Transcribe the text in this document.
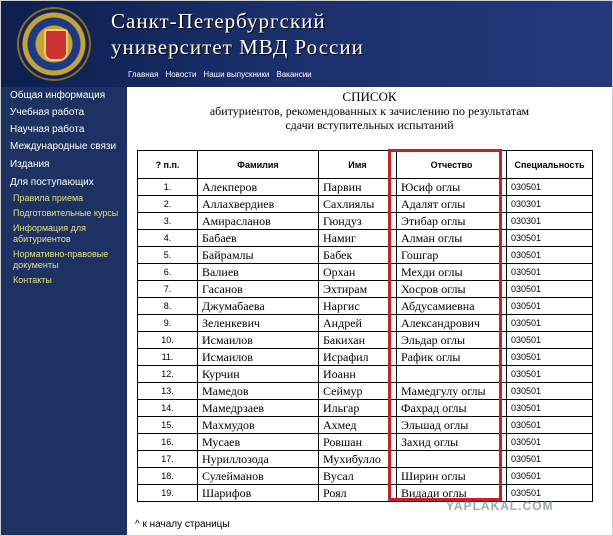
Санкт-Петербургский
университет МВД России
Главная Новости Наши выпускники Вакансии
Общая информация
Учебная работа
Научная работа
Международные связи
Издания
Для поступающих
Правила приема
Подготовительные курсы
Информация для абитуриентов
Нормативно-правовые документы
Контакты
СПИСОК
абитуриентов, рекомендованных к зачислению по результатам
сдачи вступительных испытаний
? п.п.	Фамилия	Имя	Отчество	Специальность
1.	Алекперов	Парвин	Юсиф оглы	030501
2.	Аллахвердиев	Сахлиялы	Адалят оглы	030301
3.	Амирасланов	Гюндуз	Этибар оглы	030301
4.	Бабаев	Намиг	Алман оглы	030501
5.	Байрамлы	Бабек	Гошгар	030501
6.	Валиев	Орхан	Мехди оглы	030501
7.	Гасанов	Эхтирам	Хосров оглы	030501
8.	Джумабаева	Наргис	Абдусамиевна	030501
9.	Зеленкевич	Андрей	Александрович	030501
10.	Исмаилов	Бакихан	Эльдар оглы	030501
11.	Исмаилов	Исрафил	Рафик оглы	030501
12.	Курчин	Иоанн		030501
13.	Мамедов	Сеймур	Мамедгулу оглы	030501
14.	Мамедрзаев	Ильгар	Фахрад оглы	030501
15.	Махмудов	Ахмед	Эльшад оглы	030501
16.	Мусаев	Ровшан	Захид оглы	030501
17.	Нуриллозода	Мухибулло		030501
18.	Сулейманов	Вусал	Ширин оглы	030501
19.	Шарифов	Роял	Видади оглы	030501
^ к началу страницы
YAPLAKAL.COM
